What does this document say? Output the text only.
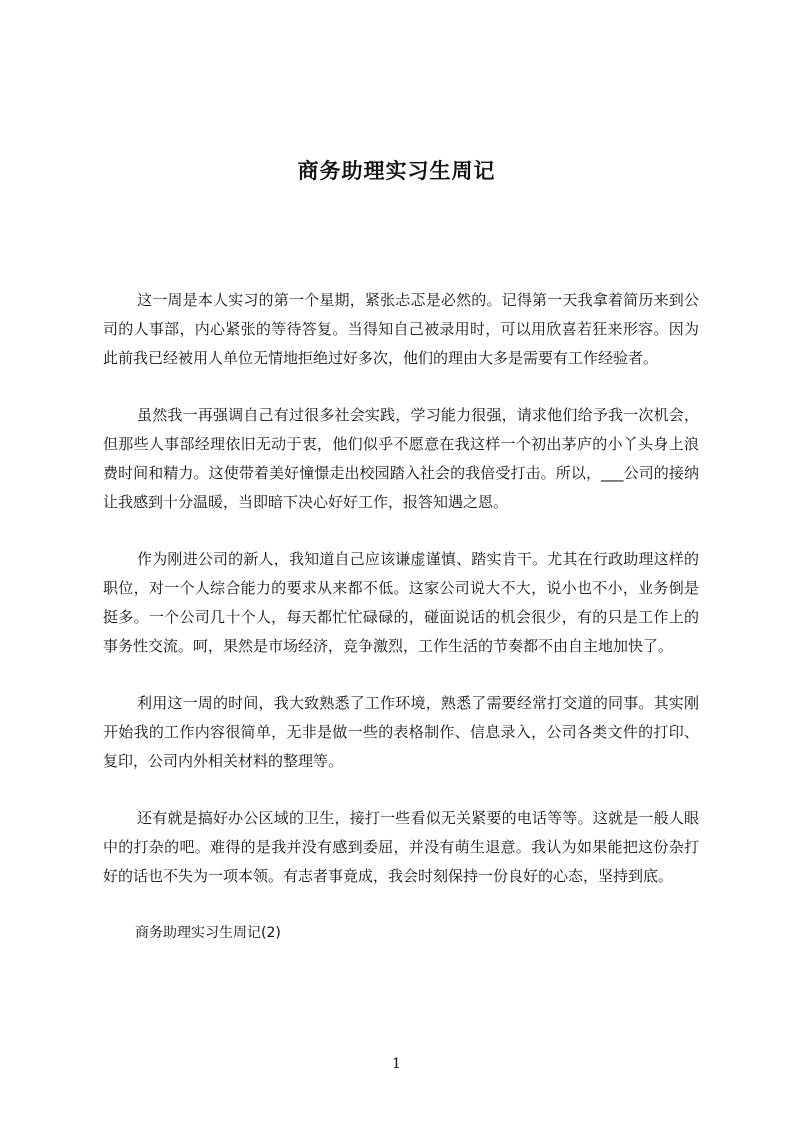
商务助理实习生周记

这一周是本人实习的第一个星期，紧张忐忑是必然的。记得第一天我拿着简历来到公司的人事部，内心紧张的等待答复。当得知自己被录用时，可以用欣喜若狂来形容。因为此前我已经被用人单位无情地拒绝过好多次，他们的理由大多是需要有工作经验者。

虽然我一再强调自己有过很多社会实践，学习能力很强，请求他们给予我一次机会，但那些人事部经理依旧无动于衷，他们似乎不愿意在我这样一个初出茅庐的小丫头身上浪费时间和精力。这使带着美好憧憬走出校园踏入社会的我倍受打击。所以，___公司的接纳让我感到十分温暖，当即暗下决心好好工作，报答知遇之恩。

作为刚进公司的新人，我知道自己应该谦虚谨慎、踏实肯干。尤其在行政助理这样的职位，对一个人综合能力的要求从来都不低。这家公司说大不大，说小也不小，业务倒是挺多。一个公司几十个人，每天都忙忙碌碌的，碰面说话的机会很少，有的只是工作上的事务性交流。呵，果然是市场经济，竞争激烈，工作生活的节奏都不由自主地加快了。

利用这一周的时间，我大致熟悉了工作环境，熟悉了需要经常打交道的同事。其实刚开始我的工作内容很简单，无非是做一些的表格制作、信息录入，公司各类文件的打印、复印，公司内外相关材料的整理等。

还有就是搞好办公区域的卫生，接打一些看似无关紧要的电话等等。这就是一般人眼中的打杂的吧。难得的是我并没有感到委屈，并没有萌生退意。我认为如果能把这份杂打好的话也不失为一项本领。有志者事竟成，我会时刻保持一份良好的心态，坚持到底。

商务助理实习生周记(2)

1
